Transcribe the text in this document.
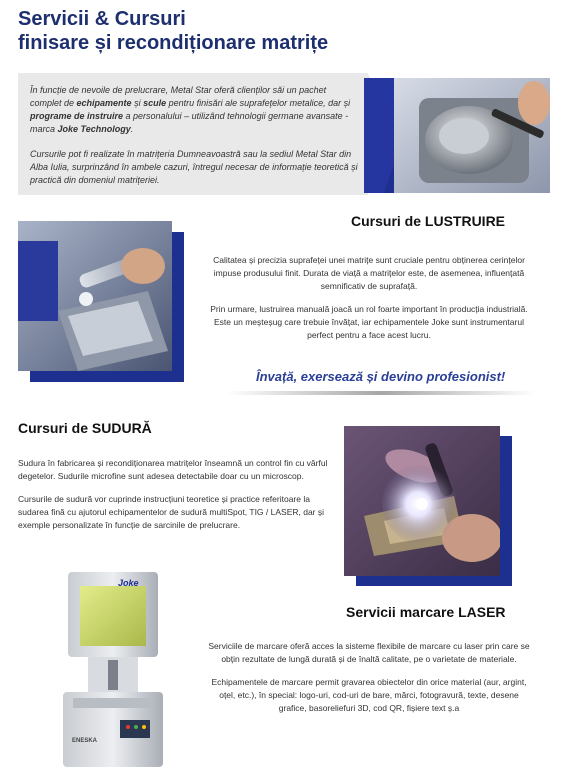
Servicii & Cursuri
finisare și recondiționare matrițe

În funcție de nevoile de prelucrare, Metal Star oferă clienților săi un pachet complet de echipamente și scule pentru finisări ale suprafețelor metalice, dar și programe de instruire a personalului – utilizând tehnologii germane avansate - marca Joke Technology.

Cursurile pot fi realizate în matrițeria Dumneavoastră sau la sediul Metal Star din Alba Iulia, surprinzând în ambele cazuri, întregul necesar de informație teoretică și practică din domeniul matrițeriei.

Cursuri de LUSTRUIRE

Calitatea și precizia suprafeței unei matrițe sunt cruciale pentru obținerea cerințelor impuse produsului finit. Durata de viață a matrițelor este, de asemenea, influențată semnificativ de suprafață.

Prin urmare, lustruirea manuală joacă un rol foarte important în producția industrială. Este un meșteșug care trebuie învățat, iar echipamentele Joke sunt instrumentarul perfect pentru a face acest lucru.

Învață, exersează și devino profesionist!
Cursuri de SUDURĂ

Sudura în fabricarea și recondiționarea matrițelor înseamnă un control fin cu vârful degetelor. Sudurile microfine sunt adesea detectabile doar cu un microscop.

Cursurile de sudură vor cuprinde instrucțiuni teoretice și practice referitoare la sudarea fină cu ajutorul echipamentelor de sudură multiSpot, TIG / LASER, dar și exemple personalizate în funcție de sarcinile de prelucrare.

Joke
ENESKA
Servicii marcare LASER

Serviciile de marcare oferă acces la sisteme flexibile de marcare cu laser prin care se obțin rezultate de lungă durată și de înaltă calitate, pe o varietate de materiale.

Echipamentele de marcare permit gravarea obiectelor din orice material (aur, argint, oțel, etc.), în special: logo-uri, cod-uri de bare, mărci, fotogravură, texte, desene grafice, basoreliefuri 3D, cod QR, fișiere text ș.a
